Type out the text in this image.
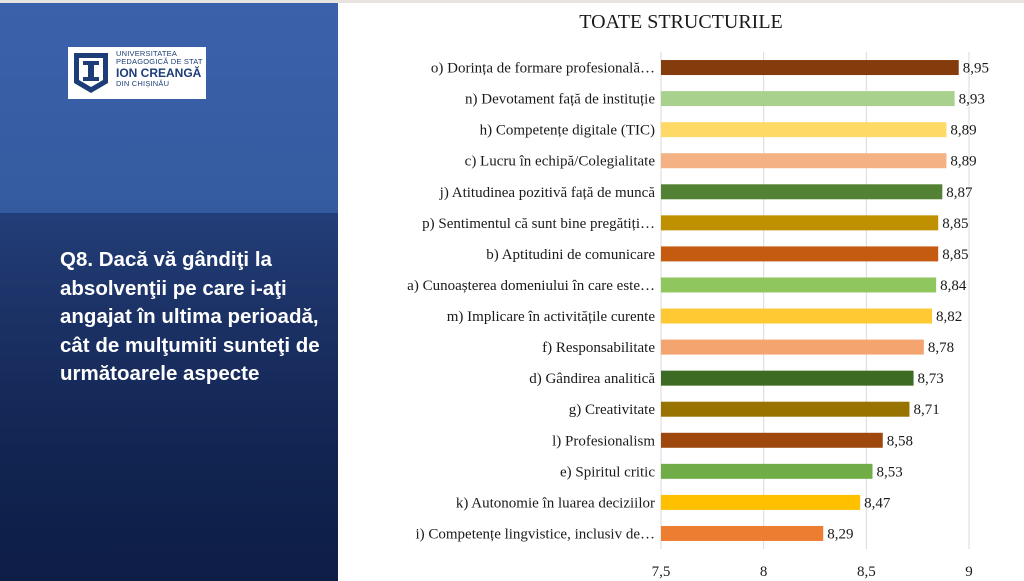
UNIVERSITATEA
PEDAGOGICĂ DE STAT
ION CREANGĂ
DIN CHIȘINĂU
Q8. Dacă vă gândiţi la absolvenţii pe care i-aţi angajat în ultima perioadă, cât de mulţumiti sunteţi de următoarele aspecte
TOATE STRUCTURILE
7,5	8	8,5	9
o) Dorința de formare profesională…	8,95
n) Devotament față de instituție	8,93
h) Competențe digitale (TIC)	8,89
c) Lucru în echipă/Colegialitate	8,89
j) Atitudinea pozitivă față de muncă	8,87
p) Sentimentul că sunt bine pregătiți…	8,85
b) Aptitudini de comunicare	8,85
a) Cunoașterea domeniului în care este…	8,84
m) Implicare în activitățile curente	8,82
f) Responsabilitate	8,78
d) Gândirea analitică	8,73
g) Creativitate	8,71
l) Profesionalism	8,58
e) Spiritul critic	8,53
k) Autonomie în luarea deciziilor	8,47
i) Competențe lingvistice, inclusiv de…	8,29
